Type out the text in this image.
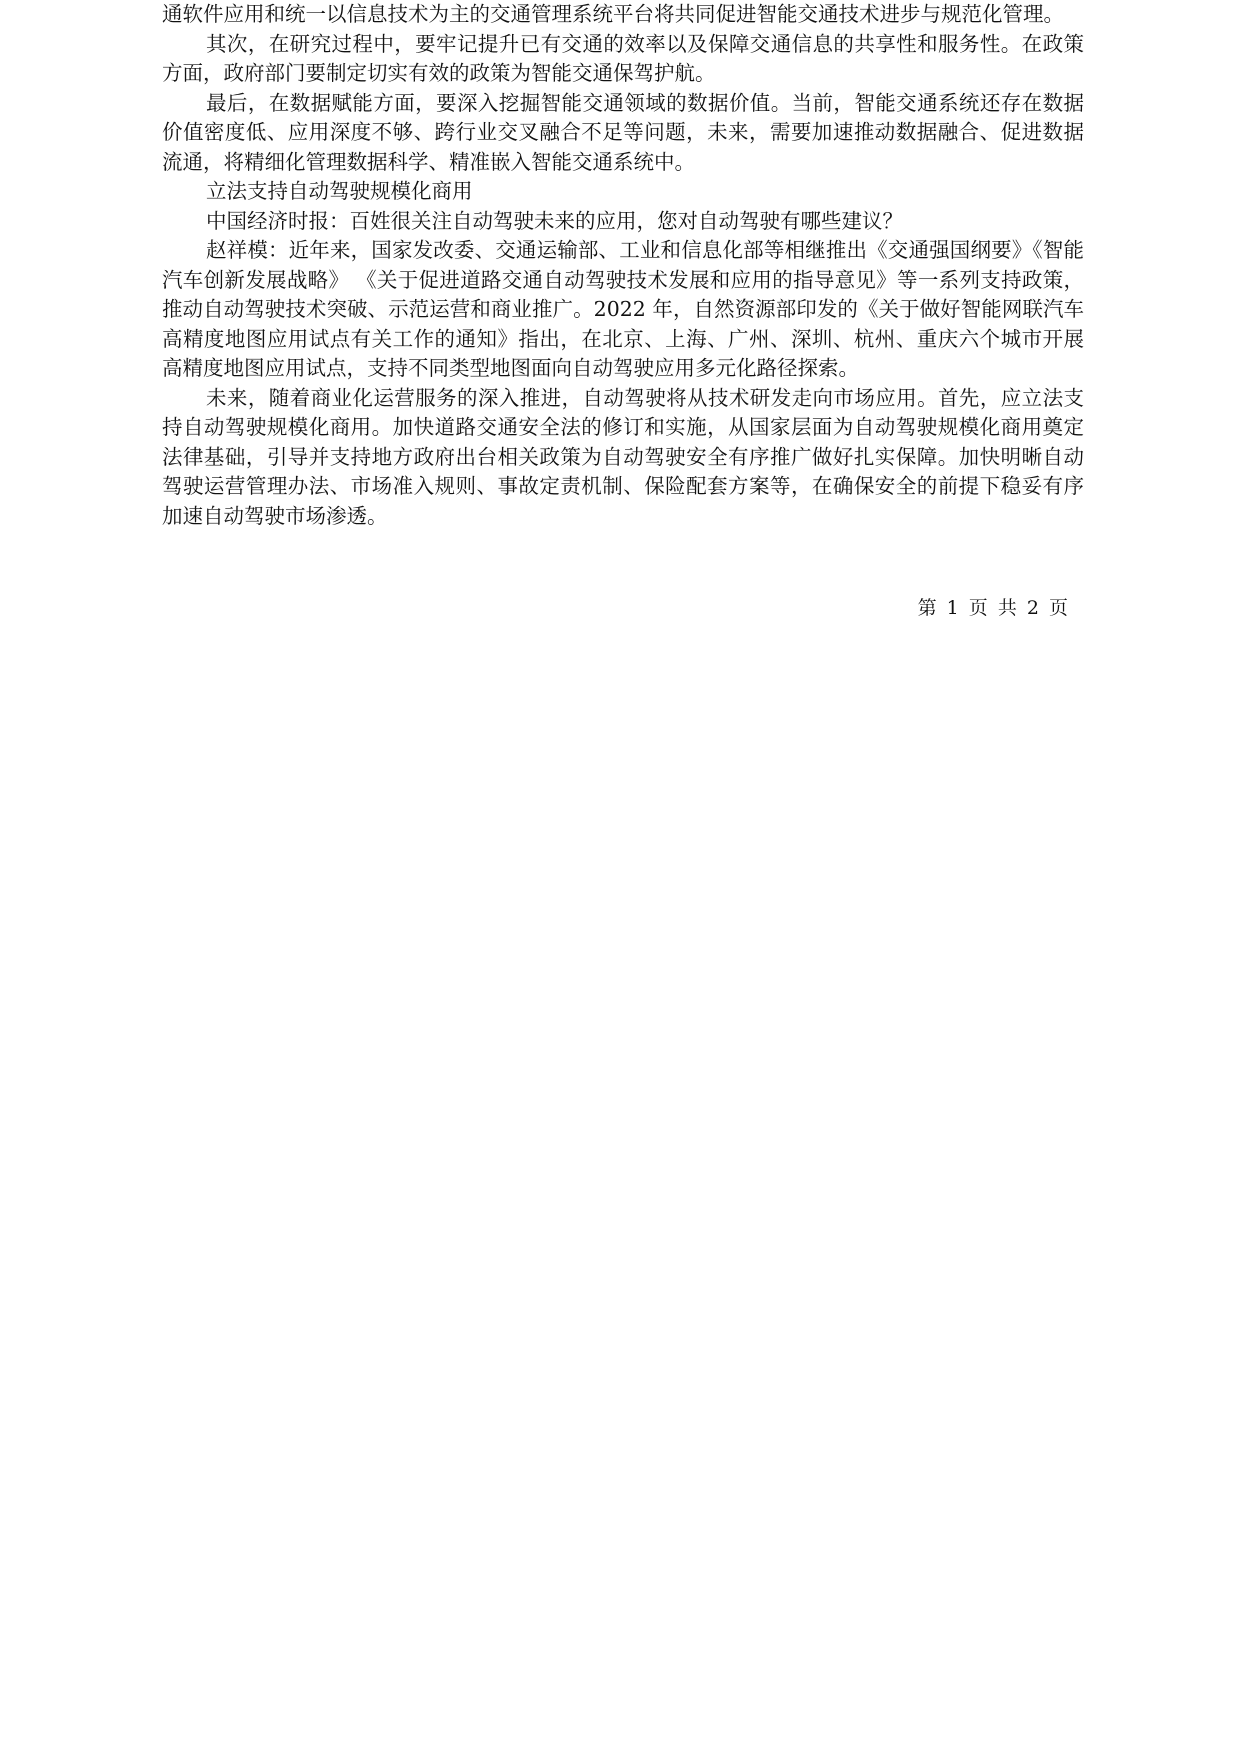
通软件应用和统一以信息技术为主的交通管理系统平台将共同促进智能交通技术进步与规范化管理。

其次，在研究过程中，要牢记提升已有交通的效率以及保障交通信息的共享性和服务性。在政策方面，政府部门要制定切实有效的政策为智能交通保驾护航。

最后，在数据赋能方面，要深入挖掘智能交通领域的数据价值。当前，智能交通系统还存在数据价值密度低、应用深度不够、跨行业交叉融合不足等问题，未来，需要加速推动数据融合、促进数据流通，将精细化管理数据科学、精准嵌入智能交通系统中。

立法支持自动驾驶规模化商用

中国经济时报：百姓很关注自动驾驶未来的应用，您对自动驾驶有哪些建议？

赵祥模：近年来，国家发改委、交通运输部、工业和信息化部等相继推出《交通强国纲要》《智能汽车创新发展战略》 《关于促进道路交通自动驾驶技术发展和应用的指导意见》等一系列支持政策，推动自动驾驶技术突破、示范运营和商业推广。2022 年，自然资源部印发的《关于做好智能网联汽车高精度地图应用试点有关工作的通知》指出，在北京、上海、广州、深圳、杭州、重庆六个城市开展高精度地图应用试点，支持不同类型地图面向自动驾驶应用多元化路径探索。

未来，随着商业化运营服务的深入推进，自动驾驶将从技术研发走向市场应用。首先，应立法支持自动驾驶规模化商用。加快道路交通安全法的修订和实施，从国家层面为自动驾驶规模化商用奠定法律基础，引导并支持地方政府出台相关政策为自动驾驶安全有序推广做好扎实保障。加快明晰自动驾驶运营管理办法、市场准入规则、事故定责机制、保险配套方案等，在确保安全的前提下稳妥有序加速自动驾驶市场渗透。

第 1 页 共 2 页
